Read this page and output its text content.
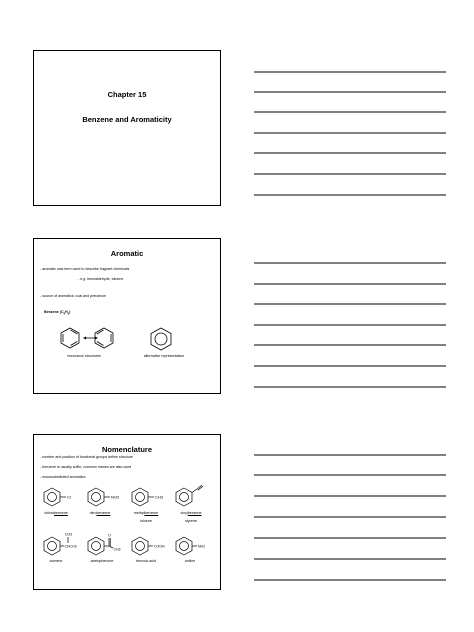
Chapter 15
Benzene and Aromaticity
Aromatic
- aromatic was term used to describe fragrant chemicals
- e.g. benzaldehyde, toluene
- source of aromatics: coal and petroleum
Benzene $(C_6H_6)$
resonance structures	alternative representation
Nomenclature
- number and position of functional groups define structure
- benzene is usually suffix; common names are also used
- monosubstituted aromatics:
Cl	NO2	CH3
chlorobenzene	nitrobenzene	methylbenzene	vinylbenzene
toluene	styrene
CH3
CHCH3
O
CH3
COOH	NH2
cumene	acetophenone	benzoic acid	aniline
